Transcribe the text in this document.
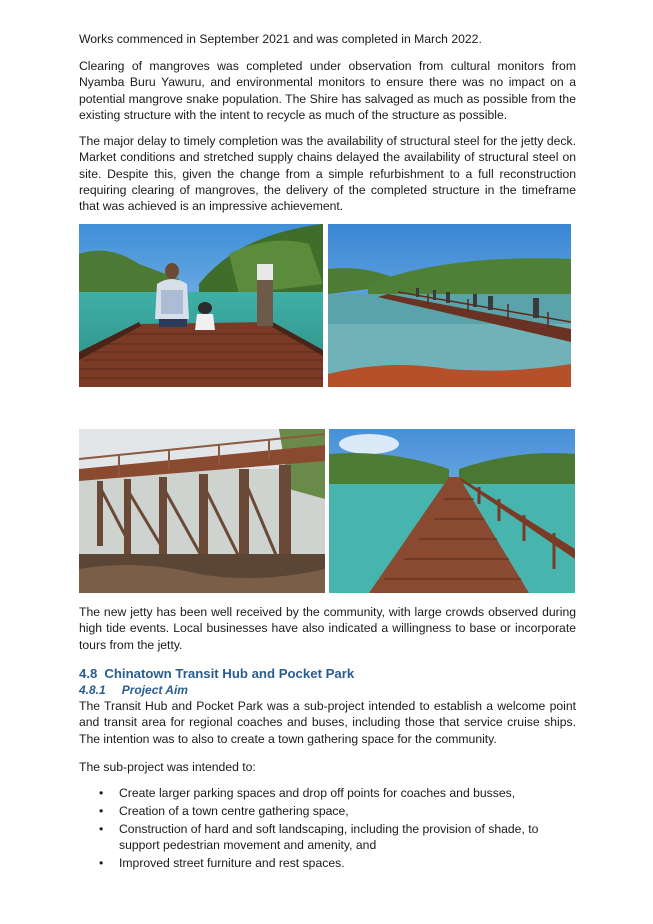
Works commenced in September 2021 and was completed in March 2022.

Clearing of mangroves was completed under observation from cultural monitors from Nyamba Buru Yawuru, and environmental monitors to ensure there was no impact on a potential mangrove snake population. The Shire has salvaged as much as possible from the existing structure with the intent to recycle as much of the structure as possible.

The major delay to timely completion was the availability of structural steel for the jetty deck. Market conditions and stretched supply chains delayed the availability of structural steel on site. Despite this, given the change from a simple refurbishment to a full reconstruction requiring clearing of mangroves, the delivery of the completed structure in the timeframe that was achieved is an impressive achievement.

The new jetty has been well received by the community, with large crowds observed during high tide events. Local businesses have also indicated a willingness to base or incorporate tours from the jetty.

4.8 Chinatown Transit Hub and Pocket Park
4.8.1 Project Aim

The Transit Hub and Pocket Park was a sub-project intended to establish a welcome point and transit area for regional coaches and buses, including those that service cruise ships. The intention was to also to create a town gathering space for the community.

The sub-project was intended to:

• Create larger parking spaces and drop off points for coaches and busses,
• Creation of a town centre gathering space,
• Construction of hard and soft landscaping, including the provision of shade, to support pedestrian movement and amenity, and
• Improved street furniture and rest spaces.
